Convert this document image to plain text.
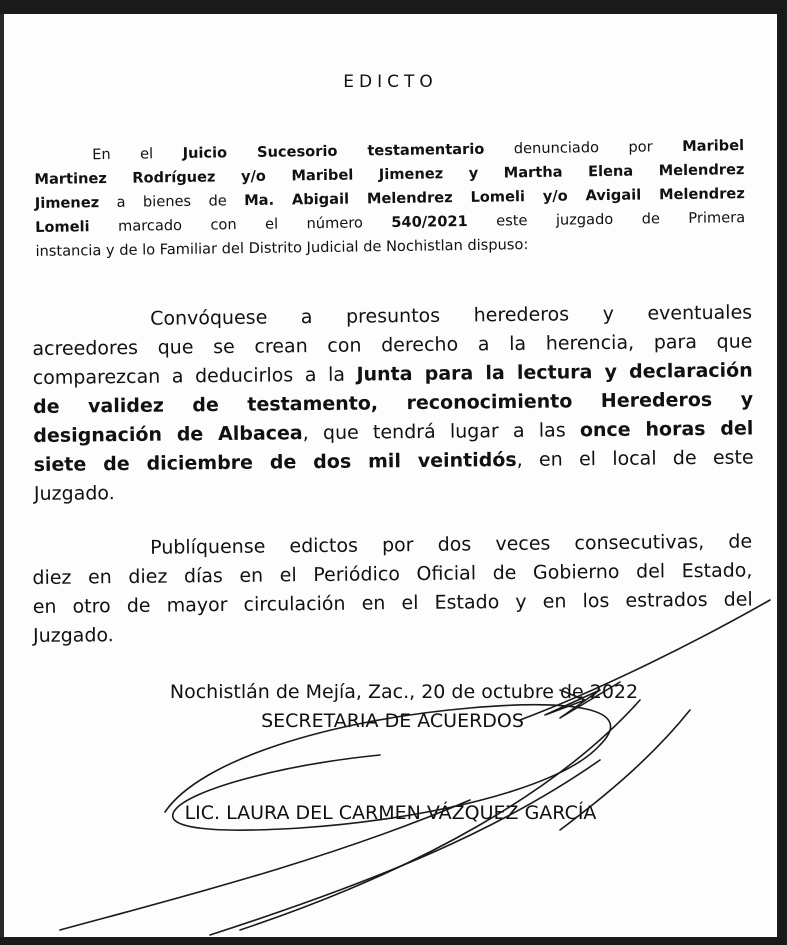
EDICTO
En el Juicio Sucesorio testamentario denunciado por Maribel
Martinez Rodríguez y/o Maribel Jimenez y Martha Elena Melendrez
Jimenez a bienes de Ma. Abigail Melendrez Lomeli y/o Avigail Melendrez
Lomeli marcado con el número 540/2021 este juzgado de Primera
instancia y de lo Familiar del Distrito Judicial de Nochistlan dispuso:
Convóquese a presuntos herederos y eventuales
acreedores que se crean con derecho a la herencia, para que
comparezcan a deducirlos a la Junta para la lectura y declaración
de validez de testamento, reconocimiento Herederos y
designación de Albacea, que tendrá lugar a las once horas del
siete de diciembre de dos mil veintidós, en el local de este
Juzgado.
Publíquense edictos por dos veces consecutivas, de
diez en diez días en el Periódico Oficial de Gobierno del Estado,
en otro de mayor circulación en el Estado y en los estrados del
Juzgado.
Nochistlán de Mejía, Zac., 20 de octubre de 2022
SECRETARIA DE ACUERDOS
LIC. LAURA DEL CARMEN VÁZQUEZ GARCÍA
